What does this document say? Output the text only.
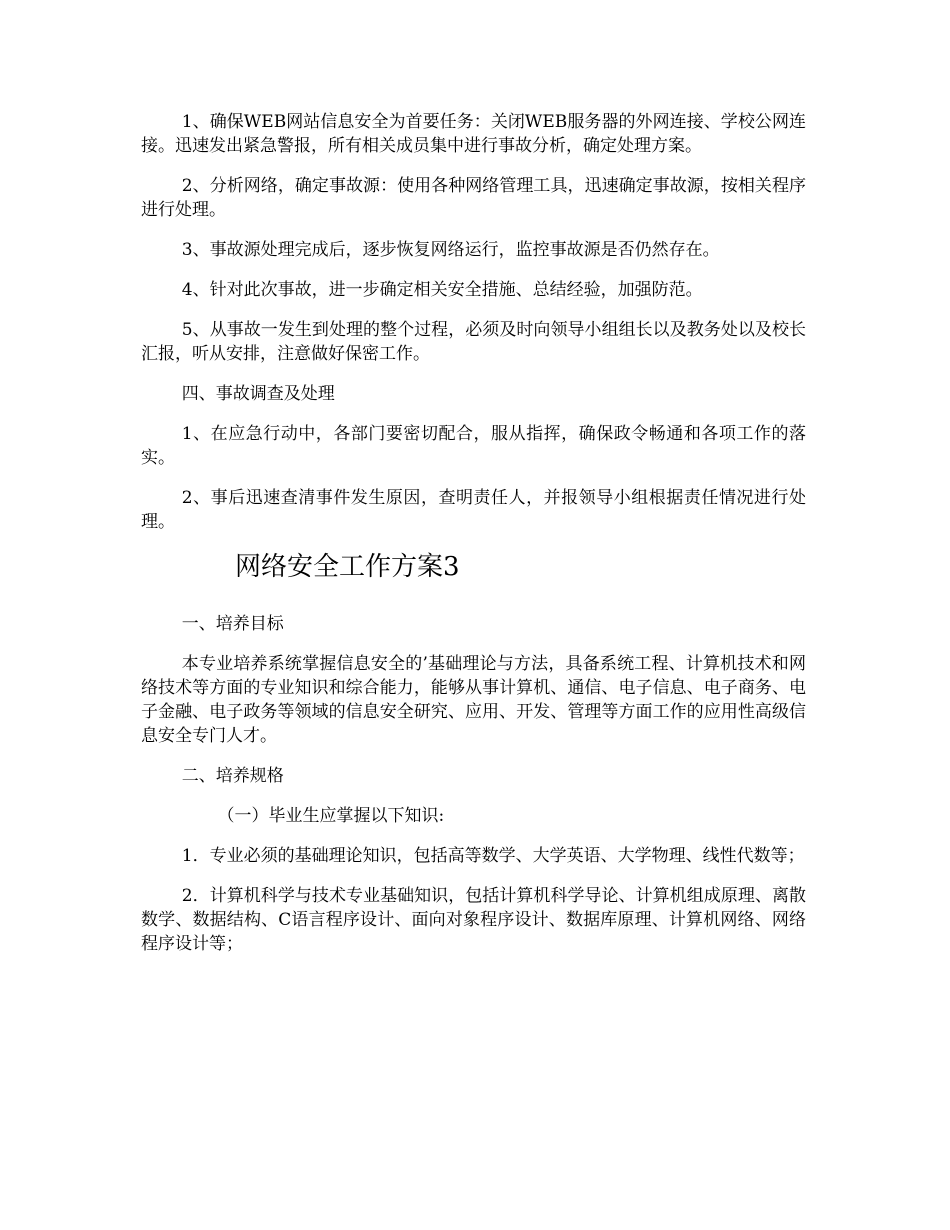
1、确保WEB网站信息安全为首要任务：关闭WEB服务器的外网连接、学校公网连接。迅速发出紧急警报，所有相关成员集中进行事故分析，确定处理方案。

2、分析网络，确定事故源：使用各种网络管理工具，迅速确定事故源，按相关程序进行处理。

3、事故源处理完成后，逐步恢复网络运行，监控事故源是否仍然存在。

4、针对此次事故，进一步确定相关安全措施、总结经验，加强防范。

5、从事故一发生到处理的整个过程，必须及时向领导小组组长以及教务处以及校长汇报，听从安排，注意做好保密工作。

四、事故调查及处理

1、在应急行动中，各部门要密切配合，服从指挥，确保政令畅通和各项工作的落实。

2、事后迅速查清事件发生原因，查明责任人，并报领导小组根据责任情况进行处理。

网络安全工作方案3

一、培养目标

本专业培养系统掌握信息安全的’基础理论与方法，具备系统工程、计算机技术和网络技术等方面的专业知识和综合能力，能够从事计算机、通信、电子信息、电子商务、电子金融、电子政务等领域的信息安全研究、应用、开发、管理等方面工作的应用性高级信息安全专门人才。

二、培养规格

（一）毕业生应掌握以下知识:

1．专业必须的基础理论知识，包括高等数学、大学英语、大学物理、线性代数等；

2．计算机科学与技术专业基础知识，包括计算机科学导论、计算机组成原理、离散数学、数据结构、C语言程序设计、面向对象程序设计、数据库原理、计算机网络、网络程序设计等；
